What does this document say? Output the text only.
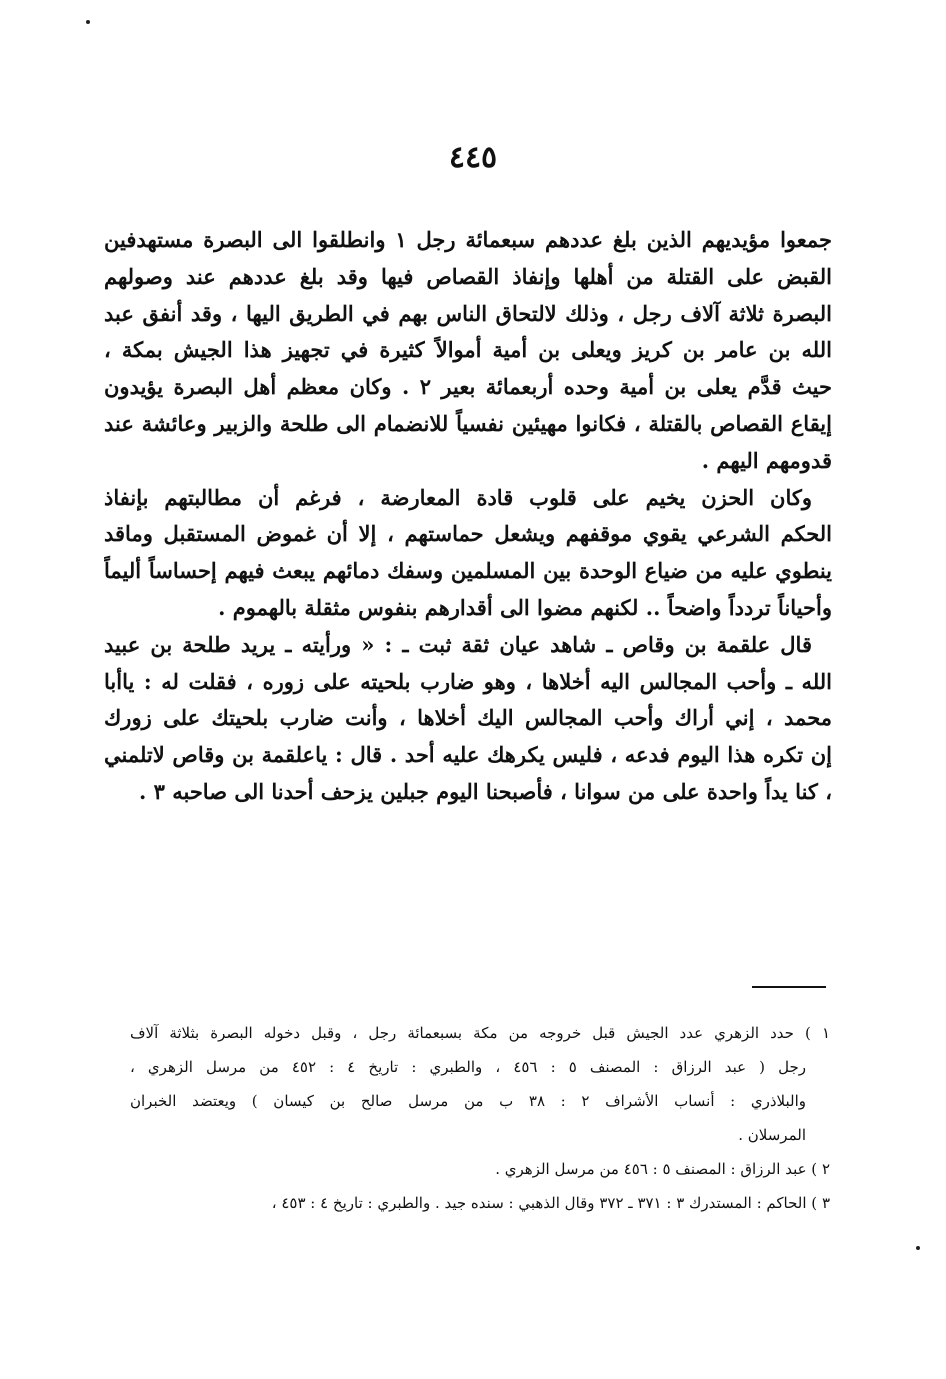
٤٤٥
جمعوا مؤيديهم الذين بلغ عددهم سبعمائة رجل ١ وانطلقوا الى البصرة مستهدفين
القبض على القتلة من أهلها وإنفاذ القصاص فيها وقد بلغ عددهم عند وصولهم
البصرة ثلاثة آلاف رجل ، وذلك لالتحاق الناس بهم في الطريق اليها ، وقد أنفق عبد
الله بن عامر بن كريز ويعلى بن أمية أموالاً كثيرة في تجهيز هذا الجيش بمكة ،
حيث قدَّم يعلى بن أمية وحده أربعمائة بعير ٢ . وكان معظم أهل البصرة يؤيدون
إيقاع القصاص بالقتلة ، فكانوا مهيئين نفسياً للانضمام الى طلحة والزبير وعائشة عند
قدومهم اليهم .
وكان الحزن يخيم على قلوب قادة المعارضة ، فرغم أن مطالبتهم بإنفاذ
الحكم الشرعي يقوي موقفهم ويشعل حماستهم ، إلا أن غموض المستقبل وماقد
ينطوي عليه من ضياع الوحدة بين المسلمين وسفك دمائهم يبعث فيهم إحساساً أليماً
وأحياناً تردداً واضحاً .. لكنهم مضوا الى أقدارهم بنفوس مثقلة بالهموم .
قال علقمة بن وقاص ـ شاهد عيان ثقة ثبت ـ : « ورأيته ـ يريد طلحة بن عبيد
الله ـ وأحب المجالس اليه أخلاها ، وهو ضارب بلحيته على زوره ، فقلت له : ياأبا
محمد ، إني أراك وأحب المجالس اليك أخلاها ، وأنت ضارب بلحيتك على زورك
إن تكره هذا اليوم فدعه ، فليس يكرهك عليه أحد . قال : ياعلقمة بن وقاص لاتلمني
، كنا يداً واحدة على من سوانا ، فأصبحنا اليوم جبلين يزحف أحدنا الى صاحبه ٣ .
١ ) حدد الزهري عدد الجيش قبل خروجه من مكة بسبعمائة رجل ، وقبل دخوله البصرة بثلاثة آلاف
رجل ( عبد الرزاق : المصنف ٥ : ٤٥٦ ، والطبري : تاريخ ٤ : ٤٥٢ من مرسل الزهري ،
والبلاذري : أنساب الأشراف ٢ : ٣٨ ب من مرسل صالح بن كيسان ) ويعتضد الخبران
المرسلان .
٢ ) عبد الرزاق : المصنف ٥ : ٤٥٦ من مرسل الزهري .
٣ ) الحاكم : المستدرك ٣ : ٣٧١ ـ ٣٧٢ وقال الذهبي : سنده جيد . والطبري : تاريخ ٤ : ٤٥٣ ،
